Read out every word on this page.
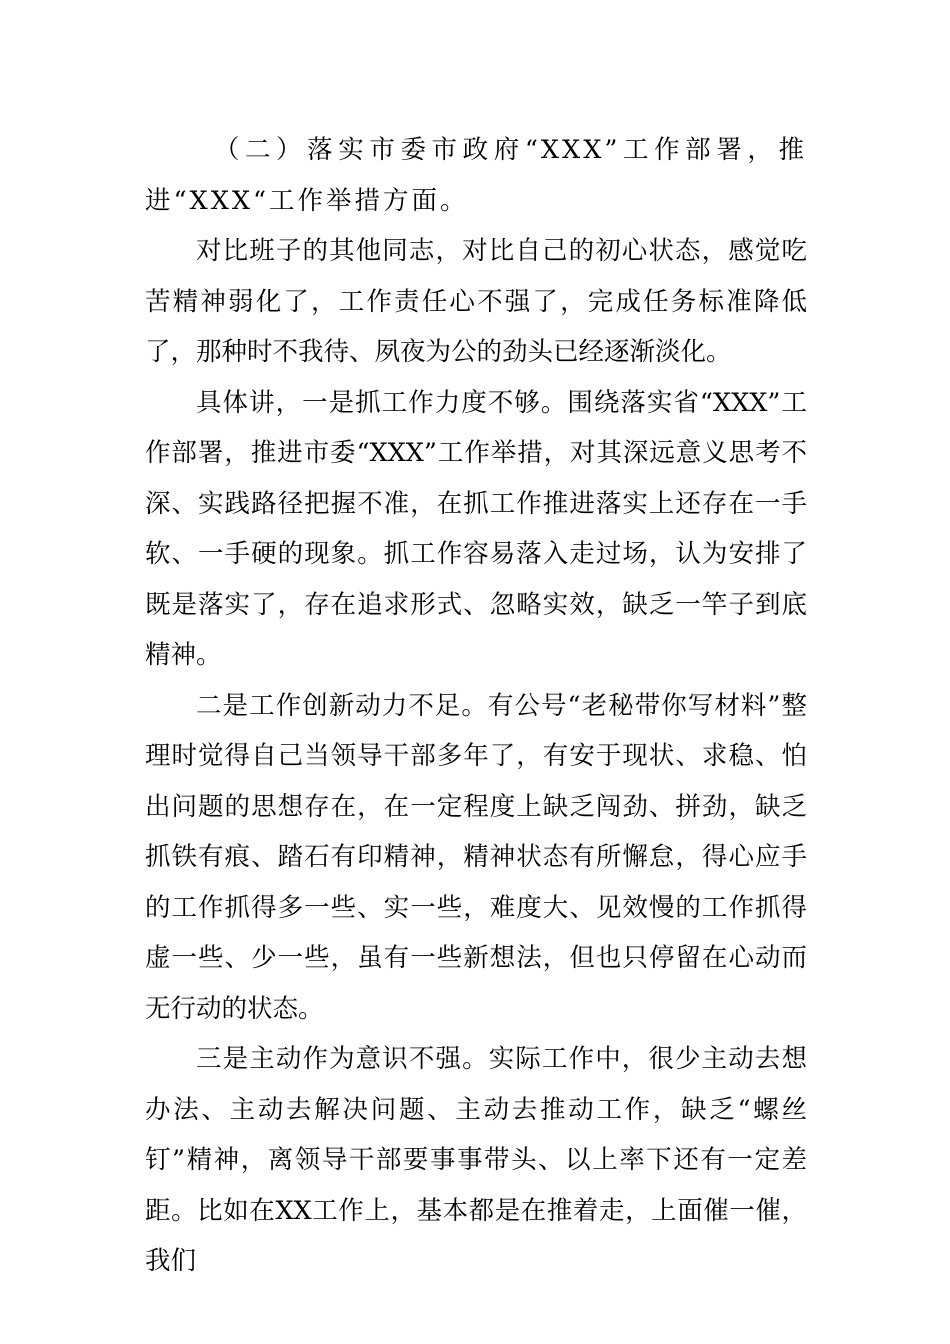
（二）落实市委市政府“XXX”工作部署，推进“XXX“工作举措方面。

对比班子的其他同志，对比自己的初心状态，感觉吃苦精神弱化了，工作责任心不强了，完成任务标准降低了，那种时不我待、夙夜为公的劲头已经逐渐淡化。

具体讲，一是抓工作力度不够。围绕落实省“XXX”工作部署，推进市委“XXX”工作举措，对其深远意义思考不深、实践路径把握不准，在抓工作推进落实上还存在一手软、一手硬的现象。抓工作容易落入走过场，认为安排了既是落实了，存在追求形式、忽略实效，缺乏一竿子到底精神。

二是工作创新动力不足。有公号“老秘带你写材料”整理时觉得自己当领导干部多年了，有安于现状、求稳、怕出问题的思想存在，在一定程度上缺乏闯劲、拼劲，缺乏抓铁有痕、踏石有印精神，精神状态有所懈怠，得心应手的工作抓得多一些、实一些，难度大、见效慢的工作抓得虚一些、少一些，虽有一些新想法，但也只停留在心动而无行动的状态。

三是主动作为意识不强。实际工作中，很少主动去想办法、主动去解决问题、主动去推动工作，缺乏“螺丝钉”精神，离领导干部要事事带头、以上率下还有一定差距。比如在XX工作上，基本都是在推着走，上面催一催，我们
